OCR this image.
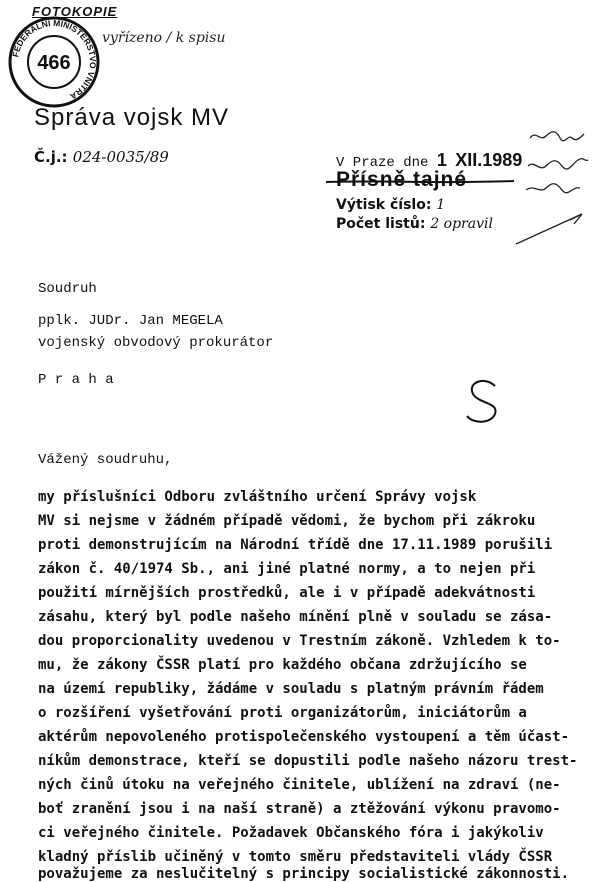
FOTOKOPIE
FEDERÁLNÍ MINISTERSTVO VNITRA
466
vyřízeno / k spisu
Správa vojsk MV
Č.j.: 024-0035/89	V Praze dne 1 XII.1989
Přísně tajné
Výtisk číslo: 1
Počet listů: 2 opravil
Soudruh
pplk. JUDr. Jan MEGELA
vojenský obvodový prokurátor
P r a h a
Vážený soudruhu,
my příslušníci Odboru zvláštního určení Správy vojsk
MV si nejsme v žádném případě vědomi, že bychom při zákroku
proti demonstrujícím na Národní třídě dne 17.11.1989 porušili
zákon č. 40/1974 Sb., ani jiné platné normy, a to nejen při
použití mírnějších prostředků, ale i v případě adekvátnosti
zásahu, který byl podle našeho mínění plně v souladu se zása-
dou proporcionality uvedenou v Trestním zákoně. Vzhledem k to-
mu, že zákony ČSSR platí pro každého občana zdržujícího se
na území republiky, žádáme v souladu s platným právním řádem
o rozšíření vyšetřování proti organizátorům, iniciátorům a
aktérům nepovoleného protispolečenského vystoupení a těm účast-
níkům demonstrace, kteří se dopustili podle našeho názoru trest-
ných činů útoku na veřejného činitele, ublížení na zdraví (ne-
boť zranění jsou i na naší straně) a ztěžování výkonu pravomo-
ci veřejného činitele. Požadavek Občanského fóra i jakýkoliv
kladný příslib učiněný v tomto směru představiteli vlády ČSSR
považujeme za neslučitelný s principy socialistické zákonnosti.
